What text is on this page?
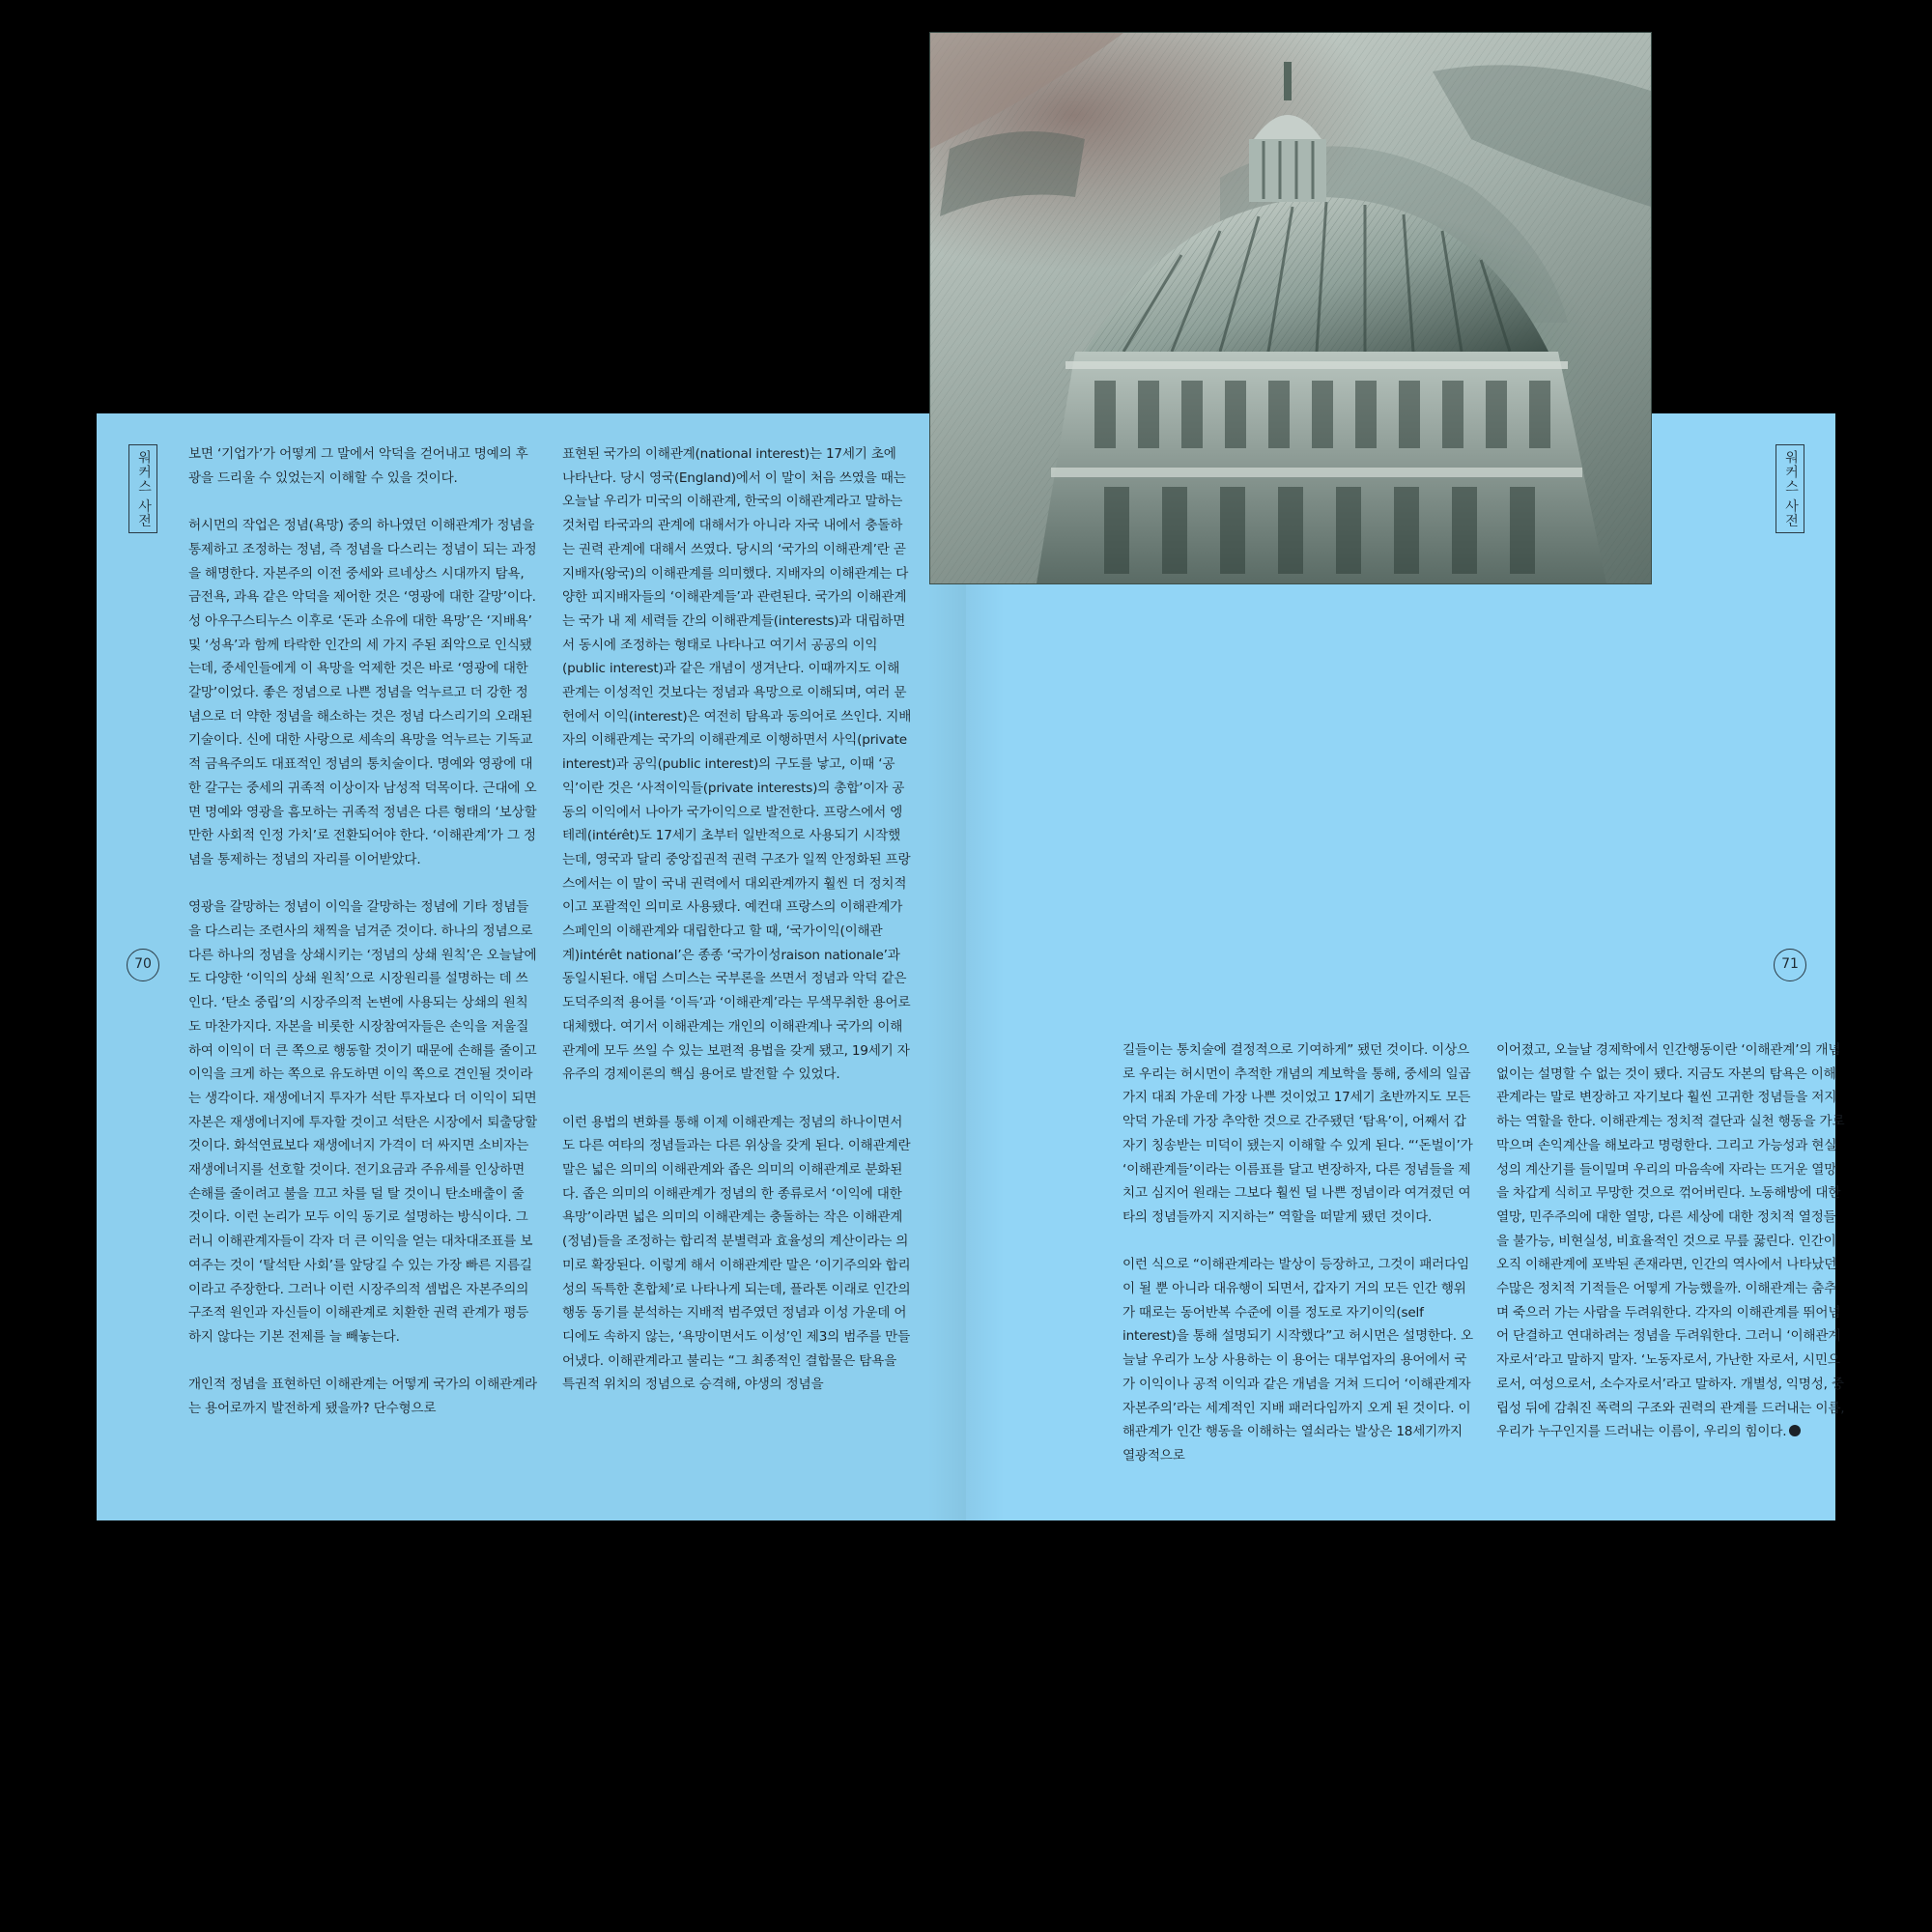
워커스 사전
70

보면 ‘기업가’가 어떻게 그 말에서 악덕을 걷어내고 명예의 후광을 드리울 수 있었는지 이해할 수 있을 것이다.

허시먼의 작업은 정념(욕망) 중의 하나였던 이해관계가 정념을 통제하고 조정하는 정념, 즉 정념을 다스리는 정념이 되는 과정을 해명한다. 자본주의 이전 중세와 르네상스 시대까지 탐욕, 금전욕, 과욕 같은 악덕을 제어한 것은 ‘영광에 대한 갈망’이다. 성 아우구스티누스 이후로 ‘돈과 소유에 대한 욕망’은 ‘지배욕’ 및 ‘성욕’과 함께 타락한 인간의 세 가지 주된 죄악으로 인식됐는데, 중세인들에게 이 욕망을 억제한 것은 바로 ‘영광에 대한 갈망’이었다. 좋은 정념으로 나쁜 정념을 억누르고 더 강한 정념으로 더 약한 정념을 해소하는 것은 정념 다스리기의 오래된 기술이다. 신에 대한 사랑으로 세속의 욕망을 억누르는 기독교적 금욕주의도 대표적인 정념의 통치술이다. 명예와 영광에 대한 갈구는 중세의 귀족적 이상이자 남성적 덕목이다. 근대에 오면 명예와 영광을 흠모하는 귀족적 정념은 다른 형태의 ‘보상할 만한 사회적 인정 가치’로 전환되어야 한다. ‘이해관계’가 그 정념을 통제하는 정념의 자리를 이어받았다.

영광을 갈망하는 정념이 이익을 갈망하는 정념에 기타 정념들을 다스리는 조련사의 채찍을 넘겨준 것이다. 하나의 정념으로 다른 하나의 정념을 상쇄시키는 ‘정념의 상쇄 원칙’은 오늘날에도 다양한 ‘이익의 상쇄 원칙’으로 시장원리를 설명하는 데 쓰인다. ‘탄소 중립’의 시장주의적 논변에 사용되는 상쇄의 원칙도 마찬가지다. 자본을 비롯한 시장참여자들은 손익을 저울질 하여 이익이 더 큰 쪽으로 행동할 것이기 때문에 손해를 줄이고 이익을 크게 하는 쪽으로 유도하면 이익 쪽으로 견인될 것이라는 생각이다. 재생에너지 투자가 석탄 투자보다 더 이익이 되면 자본은 재생에너지에 투자할 것이고 석탄은 시장에서 퇴출당할 것이다. 화석연료보다 재생에너지 가격이 더 싸지면 소비자는 재생에너지를 선호할 것이다. 전기요금과 주유세를 인상하면 손해를 줄이려고 불을 끄고 차를 덜 탈 것이니 탄소배출이 줄 것이다. 이런 논리가 모두 이익 동기로 설명하는 방식이다. 그러니 이해관계자들이 각자 더 큰 이익을 얻는 대차대조표를 보여주는 것이 ‘탈석탄 사회’를 앞당길 수 있는 가장 빠른 지름길이라고 주장한다. 그러나 이런 시장주의적 셈법은 자본주의의 구조적 원인과 자신들이 이해관계로 치환한 권력 관계가 평등하지 않다는 기본 전제를 늘 빼놓는다.

개인적 정념을 표현하던 이해관계는 어떻게 국가의 이해관계라는 용어로까지 발전하게 됐을까? 단수형으로

표현된 국가의 이해관계(national interest)는 17세기 초에 나타난다. 당시 영국(England)에서 이 말이 처음 쓰였을 때는 오늘날 우리가 미국의 이해관계, 한국의 이해관계라고 말하는 것처럼 타국과의 관계에 대해서가 아니라 자국 내에서 충돌하는 권력 관계에 대해서 쓰였다. 당시의 ‘국가의 이해관계’란 곧 지배자(왕국)의 이해관계를 의미했다. 지배자의 이해관계는 다양한 피지배자들의 ‘이해관계들’과 관련된다. 국가의 이해관계는 국가 내 제 세력들 간의 이해관계들(interests)과 대립하면서 동시에 조정하는 형태로 나타나고 여기서 공공의 이익(public interest)과 같은 개념이 생겨난다. 이때까지도 이해관계는 이성적인 것보다는 정념과 욕망으로 이해되며, 여러 문헌에서 이익(interest)은 여전히 탐욕과 동의어로 쓰인다. 지배자의 이해관계는 국가의 이해관계로 이행하면서 사익(private interest)과 공익(public interest)의 구도를 낳고, 이때 ‘공익’이란 것은 ‘사적이익들(private interests)의 총합’이자 공동의 이익에서 나아가 국가이익으로 발전한다. 프랑스에서 엥테레(intérêt)도 17세기 초부터 일반적으로 사용되기 시작했는데, 영국과 달리 중앙집권적 권력 구조가 일찍 안정화된 프랑스에서는 이 말이 국내 권력에서 대외관계까지 훨씬 더 정치적이고 포괄적인 의미로 사용됐다. 예컨대 프랑스의 이해관계가 스페인의 이해관계와 대립한다고 할 때, ‘국가이익(이해관계)intérêt national’은 종종 ‘국가이성raison nationale’과 동일시된다. 애덤 스미스는 국부론을 쓰면서 정념과 악덕 같은 도덕주의적 용어를 ‘이득’과 ‘이해관계’라는 무색무취한 용어로 대체했다. 여기서 이해관계는 개인의 이해관계나 국가의 이해관계에 모두 쓰일 수 있는 보편적 용법을 갖게 됐고, 19세기 자유주의 경제이론의 핵심 용어로 발전할 수 있었다.

이런 용법의 변화를 통해 이제 이해관계는 정념의 하나이면서도 다른 여타의 정념들과는 다른 위상을 갖게 된다. 이해관계란 말은 넓은 의미의 이해관계와 좁은 의미의 이해관계로 분화된다. 좁은 의미의 이해관계가 정념의 한 종류로서 ‘이익에 대한 욕망’이라면 넓은 의미의 이해관계는 충돌하는 작은 이해관계(정념)들을 조정하는 합리적 분별력과 효율성의 계산이라는 의미로 확장된다. 이렇게 해서 이해관계란 말은 ‘이기주의와 합리성의 독특한 혼합체’로 나타나게 되는데, 플라톤 이래로 인간의 행동 동기를 분석하는 지배적 범주였던 정념과 이성 가운데 어디에도 속하지 않는, ‘욕망이면서도 이성’인 제3의 범주를 만들어냈다. 이해관계라고 불리는 “그 최종적인 결합물은 탐욕을 특권적 위치의 정념으로 승격해, 야생의 정념을

워커스 사전
71

길들이는 통치술에 결정적으로 기여하게” 됐던 것이다. 이상으로 우리는 허시먼이 추적한 개념의 계보학을 통해, 중세의 일곱 가지 대죄 가운데 가장 나쁜 것이었고 17세기 초반까지도 모든 악덕 가운데 가장 추악한 것으로 간주됐던 ‘탐욕’이, 어째서 갑자기 칭송받는 미덕이 됐는지 이해할 수 있게 된다. “‘돈벌이’가 ‘이해관계들’이라는 이름표를 달고 변장하자, 다른 정념들을 제치고 심지어 원래는 그보다 훨씬 덜 나쁜 정념이라 여겨졌던 여타의 정념들까지 지지하는” 역할을 떠맡게 됐던 것이다.

이런 식으로 “이해관계라는 발상이 등장하고, 그것이 패러다임이 될 뿐 아니라 대유행이 되면서, 갑자기 거의 모든 인간 행위가 때로는 동어반복 수준에 이를 정도로 자기이익(self interest)을 통해 설명되기 시작했다”고 허시먼은 설명한다. 오늘날 우리가 노상 사용하는 이 용어는 대부업자의 용어에서 국가 이익이나 공적 이익과 같은 개념을 거쳐 드디어 ‘이해관계자 자본주의’라는 세계적인 지배 패러다임까지 오게 된 것이다. 이해관계가 인간 행동을 이해하는 열쇠라는 발상은 18세기까지 열광적으로

이어졌고, 오늘날 경제학에서 인간행동이란 ‘이해관계’의 개념 없이는 설명할 수 없는 것이 됐다. 지금도 자본의 탐욕은 이해관계라는 말로 변장하고 자기보다 훨씬 고귀한 정념들을 저지하는 역할을 한다. 이해관계는 정치적 결단과 실천 행동을 가로막으며 손익계산을 해보라고 명령한다. 그리고 가능성과 현실성의 계산기를 들이밀며 우리의 마음속에 자라는 뜨거운 열망을 차갑게 식히고 무망한 것으로 꺾어버린다. 노동해방에 대한 열망, 민주주의에 대한 열망, 다른 세상에 대한 정치적 열정들을 불가능, 비현실성, 비효율적인 것으로 무릎 꿇린다. 인간이 오직 이해관계에 포박된 존재라면, 인간의 역사에서 나타났던 수많은 정치적 기적들은 어떻게 가능했을까. 이해관계는 춤추며 죽으러 가는 사람을 두려워한다. 각자의 이해관계를 뛰어넘어 단결하고 연대하려는 정념을 두려워한다. 그러니 ‘이해관계자로서’라고 말하지 말자. ‘노동자로서, 가난한 자로서, 시민으로서, 여성으로서, 소수자로서’라고 말하자. 개별성, 익명성, 중립성 뒤에 감춰진 폭력의 구조와 권력의 관계를 드러내는 이름, 우리가 누구인지를 드러내는 이름이, 우리의 힘이다.
